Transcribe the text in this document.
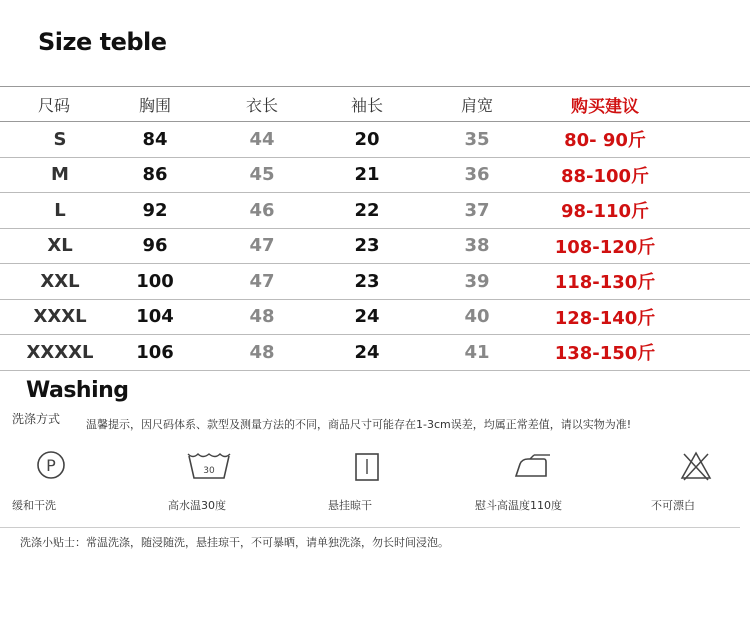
Size teble
尺码	胸围	衣长	袖长	肩宽	购买建议
S	84	44	20	35	80- 90斤
M	86	45	21	36	88-100斤
L	92	46	22	37	98-110斤
XL	96	47	23	38	108-120斤
XXL	100	47	23	39	118-130斤
XXXL	104	48	24	40	128-140斤
XXXXL	106	48	24	41	138-150斤
Washing
洗涤方式 温馨提示，因尺码体系、款型及测量方法的不同，商品尺寸可能存在1-3cm误差，均属正常差值，请以实物为准!
P
缓和干洗
30
高水温30度	悬挂晾干	慰斗高温度110度	不可漂白
洗涤小贴士：常温洗涤，随浸随洗，悬挂琼干，不可暴晒，请单独洗涤，勿长时间浸泡。
